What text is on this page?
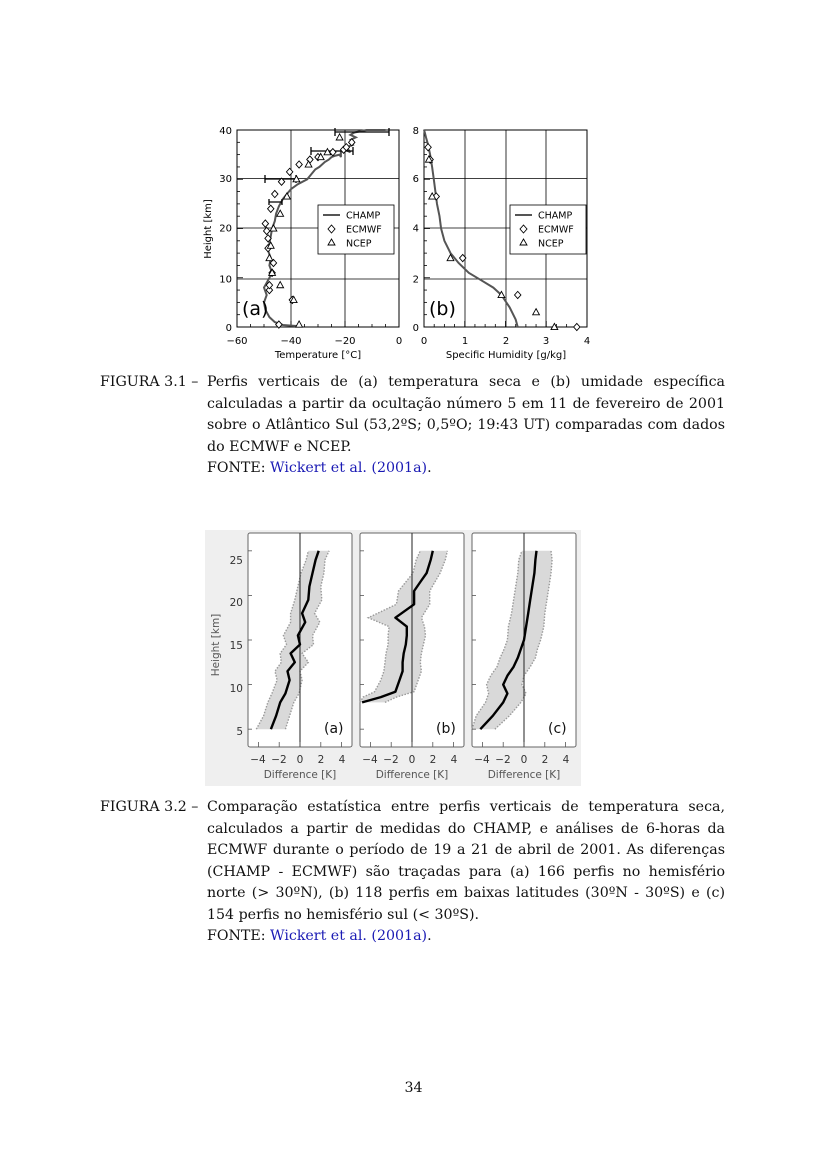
CHAMP
ECMWF
NCEP
(a)
0
10
20
30
40
−60	−40	−20	0
Temperature [°C]
Height [km]	CHAMP
ECMWF
NCEP
(b)
0
2
4
6
8
0	1	2	3	4
Specific Humidity [g/kg]
FIGURA 3.1 – Perfis verticais de (a) temperatura seca e (b) umidade específica calculadas a partir da ocultação número 5 em 11 de fevereiro de 2001 sobre o Atlântico Sul (53,2ºS; 0,5ºO; 19:43 UT) comparadas com dados do ECMWF e NCEP.

FONTE: Wickert et al. (2001a).

5
10
15
20
25
Height [km]
−4 −2 0 2 4
Difference [K]
(a)
−4 −2 0 2 4
Difference [K]
(b)
−4 −2 0 2 4
Difference [K]
(c)
FIGURA 3.2 – Comparação estatística entre perfis verticais de temperatura seca, calculados a partir de medidas do CHAMP, e análises de 6-horas da ECMWF durante o período de 19 a 21 de abril de 2001. As diferenças (CHAMP - ECMWF) são traçadas para (a) 166 perfis no hemisfério norte (> 30ºN), (b) 118 perfis em baixas latitudes (30ºN - 30ºS) e (c) 154 perfis no hemisfério sul (< 30ºS).

FONTE: Wickert et al. (2001a).

34
